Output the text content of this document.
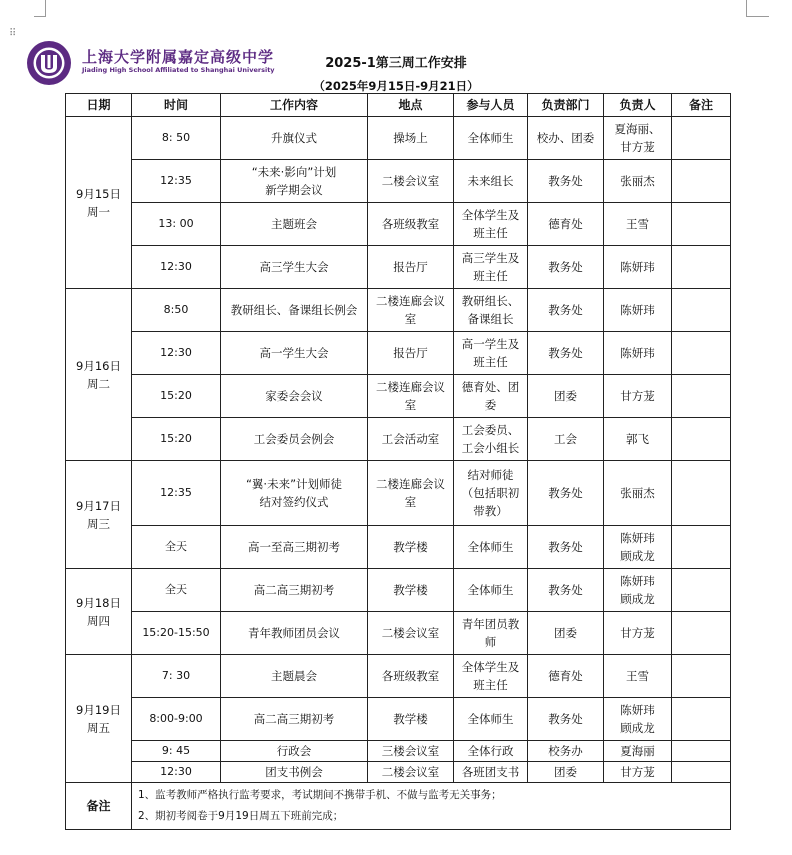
⠿
上海大学附属嘉定高级中学
Jiading High School Affiliated to Shanghai University	2025-1第三周工作安排
（2025年9月15日-9月21日）
日期	时间	工作内容	地点	参与人员	负责部门	负责人	备注

9月15日
周一	8: 50	升旗仪式	操场上	全体师生	校办、团委	夏海丽、
甘方茏	

	12:35	“未来·影向”计划
新学期会议	二楼会议室	未来组长	教务处	张丽杰	

	13: 00	主题班会	各班级教室	全体学生及
班主任	德育处	王雪	

	12:30	高三学生大会	报告厅	高三学生及
班主任	教务处	陈妍玮	

9月16日
周二	8:50	教研组长、备课组长例会	二楼连廊会议
室	教研组长、
备课组长	教务处	陈妍玮	

	12:30	高一学生大会	报告厅	高一学生及
班主任	教务处	陈妍玮	

	15:20	家委会会议	二楼连廊会议
室	德育处、团
委	团委	甘方茏	

	15:20	工会委员会例会	工会活动室	工会委员、
工会小组长	工会	郭飞	

9月17日
周三	12:35	“翼·未来”计划师徒
结对签约仪式	二楼连廊会议
室	结对师徒
（包括职初
带教）	教务处	张丽杰	

	全天	高一至高三期初考	教学楼	全体师生	教务处	陈妍玮
顾成龙	

9月18日
周四	全天	高二高三期初考	教学楼	全体师生	教务处	陈妍玮
顾成龙	

	15:20-15:50	青年教师团员会议	二楼会议室	青年团员教
师	团委	甘方茏	

9月19日
周五	7: 30	主题晨会	各班级教室	全体学生及
班主任	德育处	王雪	

	8:00-9:00	高二高三期初考	教学楼	全体师生	教务处	陈妍玮
顾成龙	

	9: 45	行政会	三楼会议室	全体行政	校务办	夏海丽	

	12:30	团支书例会	二楼会议室	各班团支书	团委	甘方茏	

备注	1、监考教师严格执行监考要求，考试期间不携带手机、不做与监考无关事务；
2、期初考阅卷于9月19日周五下班前完成；						
